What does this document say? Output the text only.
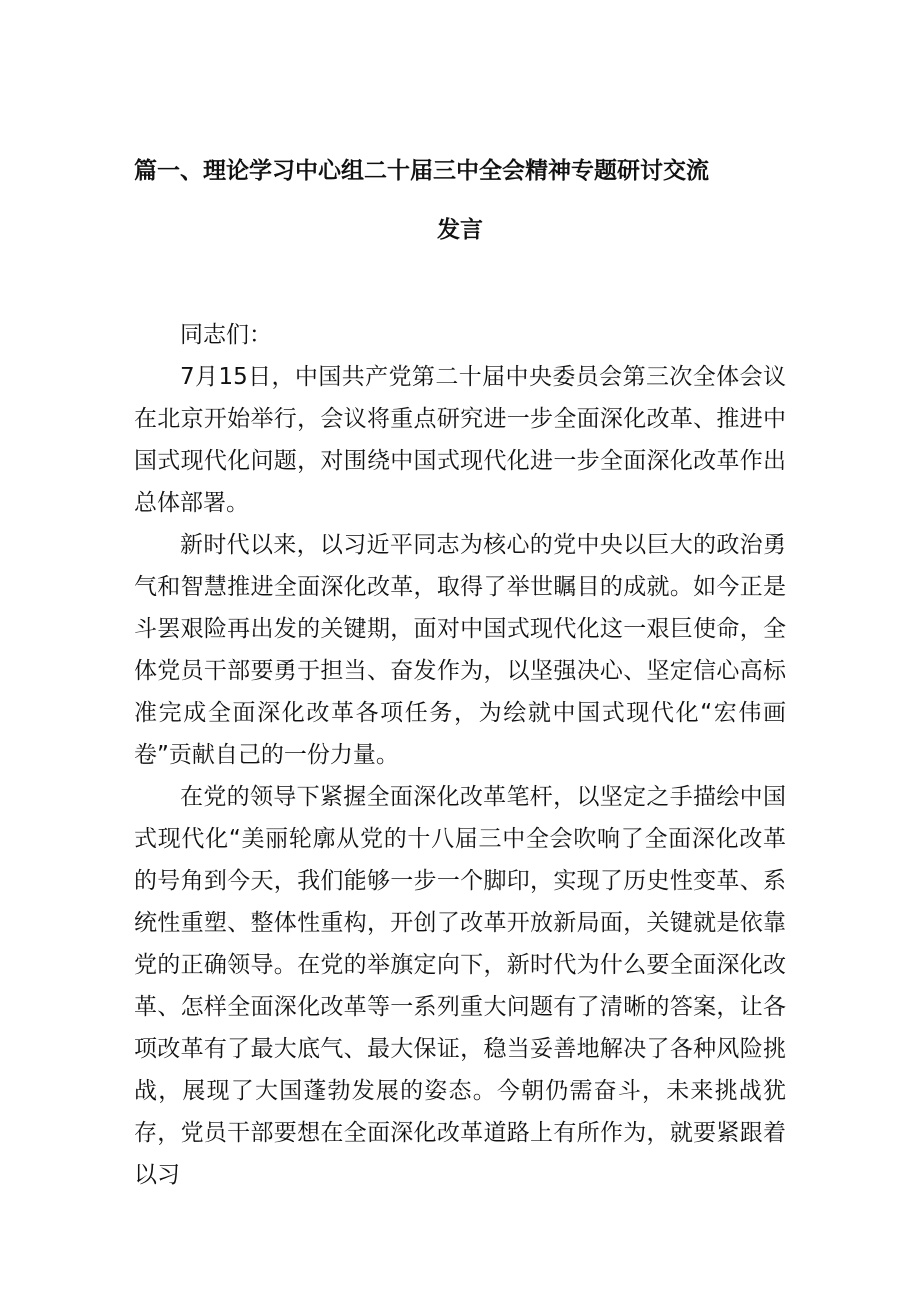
篇一、理论学习中心组二十届三中全会精神专题研讨交流
发言

同志们：

7月15日，中国共产党第二十届中央委员会第三次全体会议在北京开始举行，会议将重点研究进一步全面深化改革、推进中国式现代化问题，对围绕中国式现代化进一步全面深化改革作出总体部署。

新时代以来，以习近平同志为核心的党中央以巨大的政治勇气和智慧推进全面深化改革，取得了举世瞩目的成就。如今正是斗罢艰险再出发的关键期，面对中国式现代化这一艰巨使命，全体党员干部要勇于担当、奋发作为，以坚强决心、坚定信心高标准完成全面深化改革各项任务，为绘就中国式现代化“宏伟画卷”贡献自己的一份力量。

在党的领导下紧握全面深化改革笔杆，以坚定之手描绘中国式现代化“美丽轮廓从党的十八届三中全会吹响了全面深化改革的号角到今天，我们能够一步一个脚印，实现了历史性变革、系统性重塑、整体性重构，开创了改革开放新局面，关键就是依靠党的正确领导。在党的举旗定向下，新时代为什么要全面深化改革、怎样全面深化改革等一系列重大问题有了清晰的答案，让各项改革有了最大底气、最大保证，稳当妥善地解决了各种风险挑战，展现了大国蓬勃发展的姿态。今朝仍需奋斗，未来挑战犹存，党员干部要想在全面深化改革道路上有所作为，就要紧跟着以习
